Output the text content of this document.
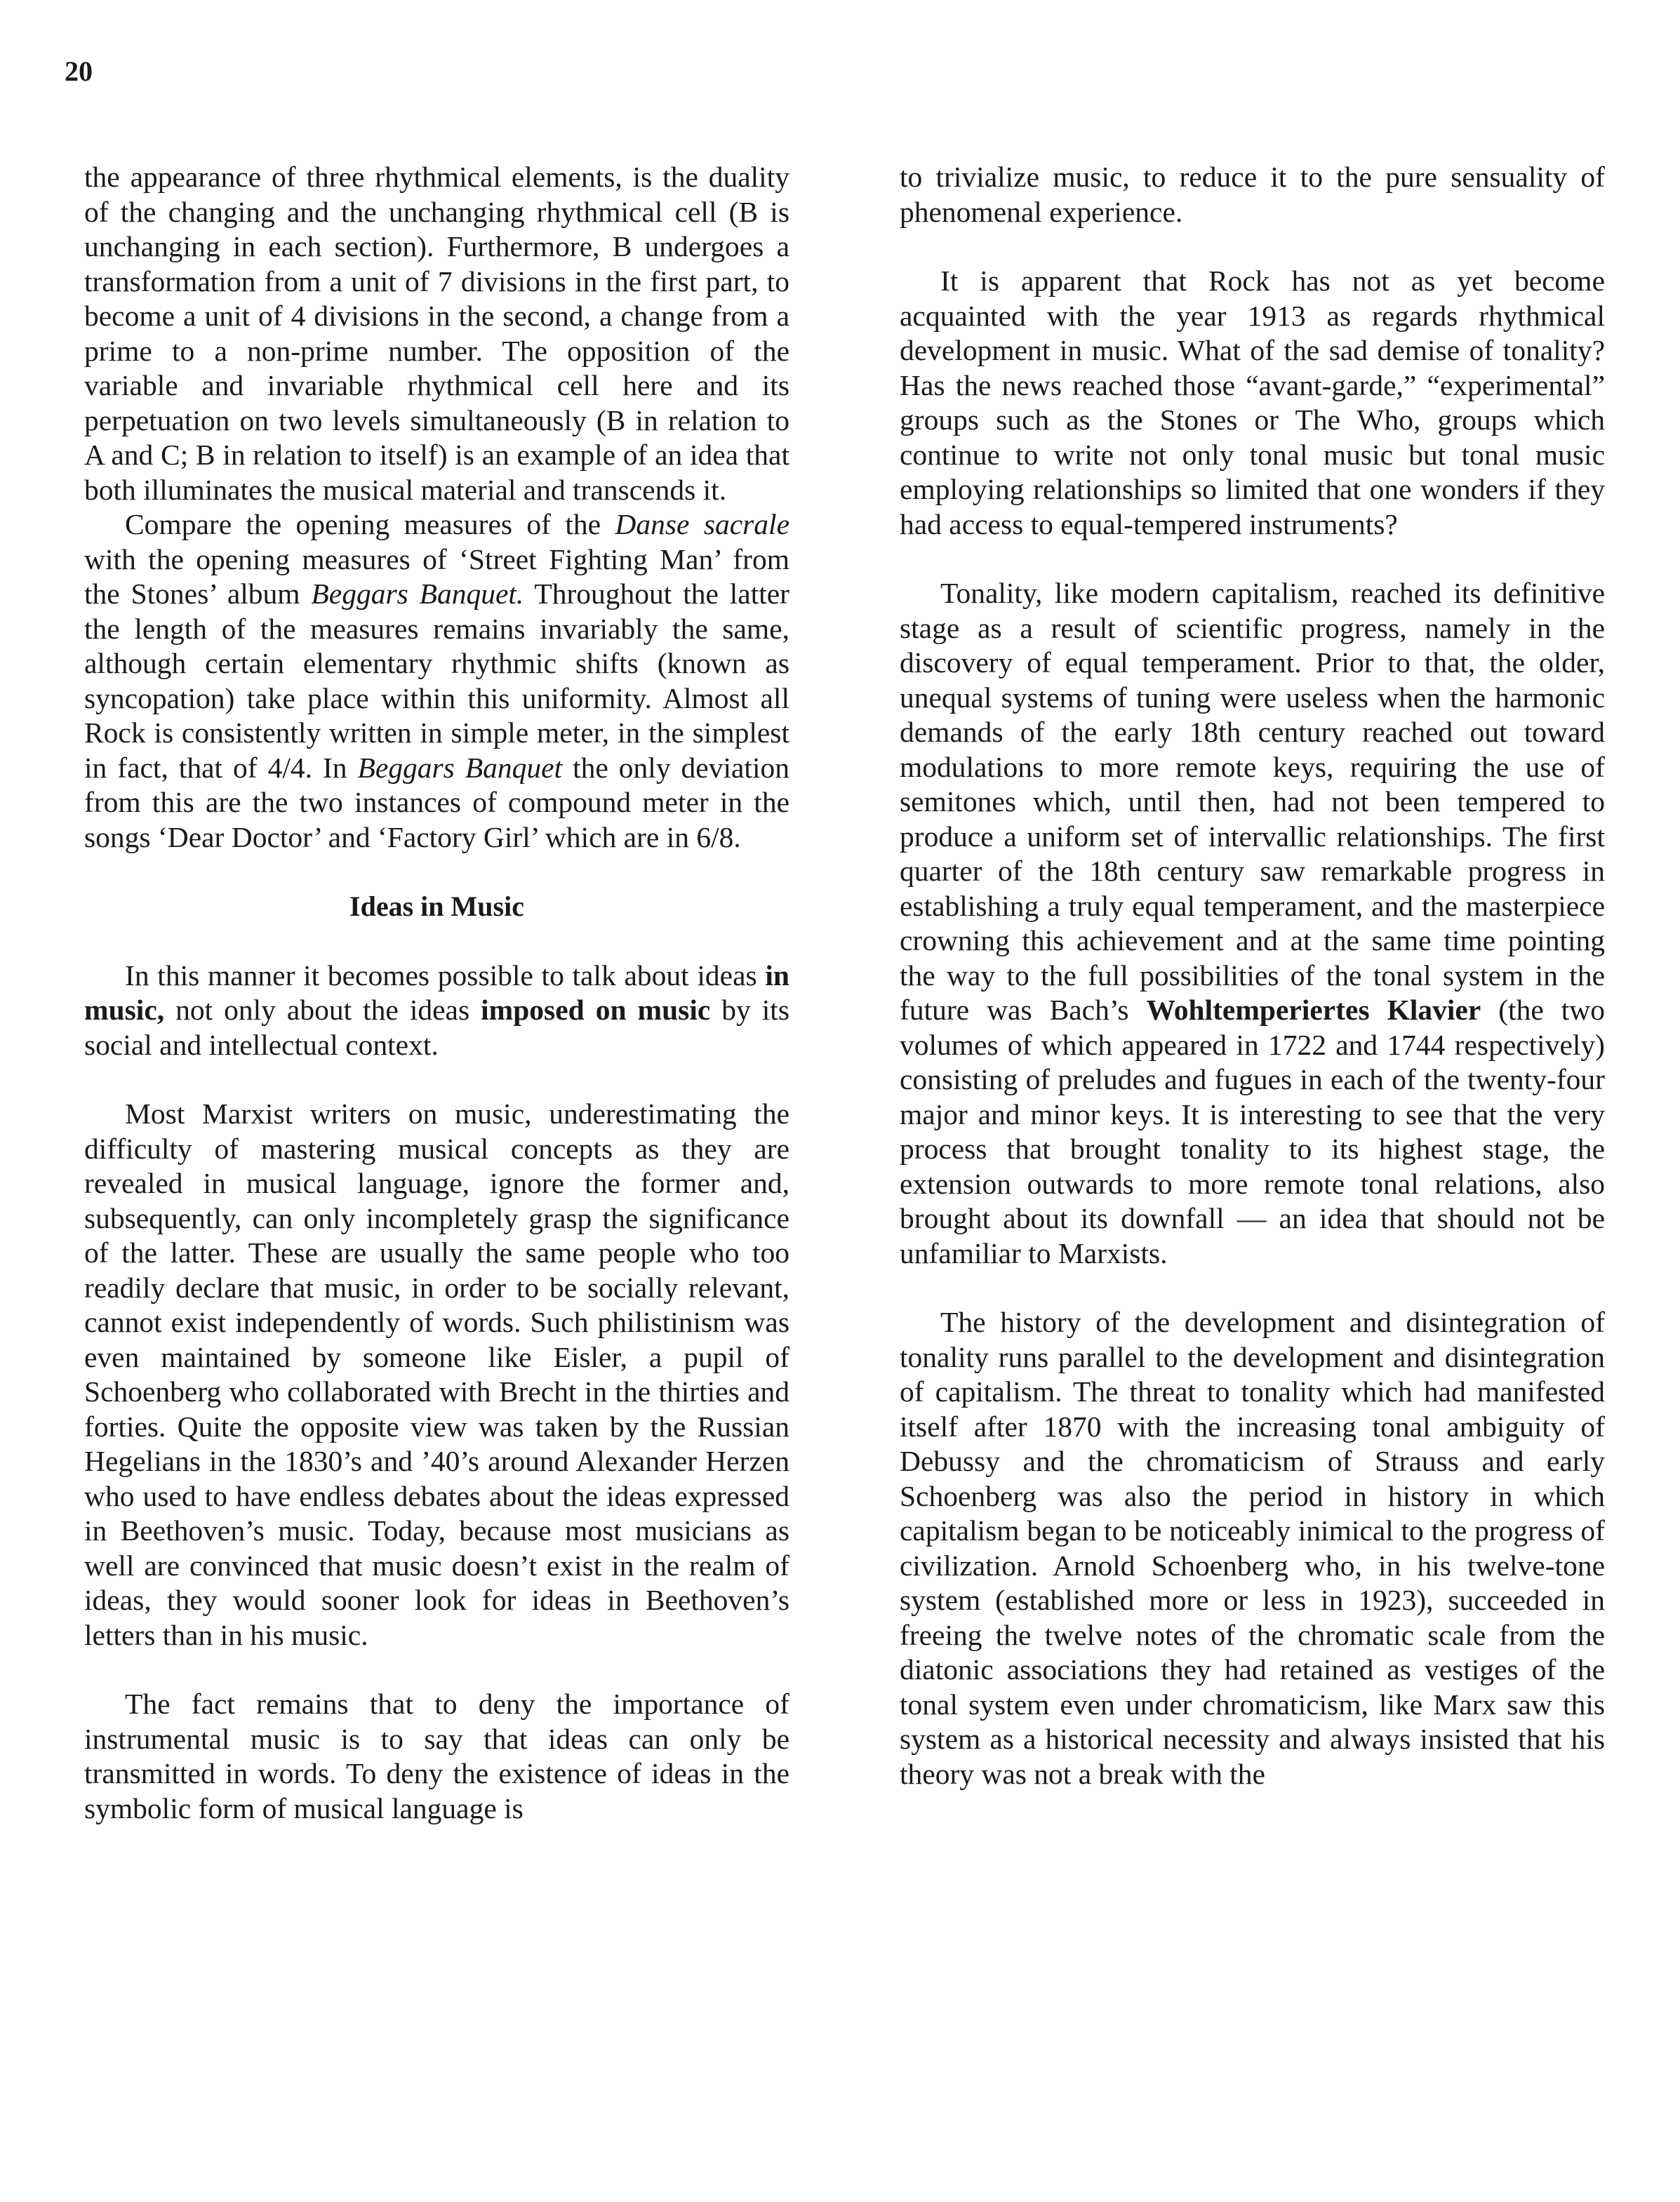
20

the appearance of three rhythmical elements, is the duality of the changing and the unchanging rhythmical cell (B is unchanging in each section). Furthermore, B undergoes a transformation from a unit of 7 divisions in the first part, to become a unit of 4 divisions in the second, a change from a prime to a non-prime number. The opposition of the variable and invariable rhythmical cell here and its perpetuation on two levels simultaneously (B in relation to A and C; B in relation to itself) is an example of an idea that both illuminates the musical material and transcends it.

Compare the opening measures of the Danse sacrale with the opening measures of ‘Street Fighting Man’ from the Stones’ album Beggars Banquet. Throughout the latter the length of the measures remains invariably the same, although certain elementary rhythmic shifts (known as syncopation) take place within this uniformity. Almost all Rock is consistently written in simple meter, in the simplest in fact, that of 4/4. In Beggars Banquet the only deviation from this are the two instances of compound meter in the songs ‘Dear Doctor’ and ‘Factory Girl’ which are in 6/8.

Ideas in Music

In this manner it becomes possible to talk about ideas in music, not only about the ideas imposed on music by its social and intellectual context.

Most Marxist writers on music, underestimating the difficulty of mastering musical concepts as they are revealed in musical language, ignore the former and, subsequently, can only incompletely grasp the significance of the latter. These are usually the same people who too readily declare that music, in order to be socially relevant, cannot exist independently of words. Such philistinism was even maintained by someone like Eisler, a pupil of Schoenberg who collaborated with Brecht in the thirties and forties. Quite the opposite view was taken by the Russian Hegelians in the 1830’s and ’40’s around Alexander Herzen who used to have endless debates about the ideas expressed in Beethoven’s music. Today, because most musicians as well are convinced that music doesn’t exist in the realm of ideas, they would sooner look for ideas in Beethoven’s letters than in his music.

The fact remains that to deny the importance of instrumental music is to say that ideas can only be transmitted in words. To deny the existence of ideas in the symbolic form of musical language is

to trivialize music, to reduce it to the pure sensuality of phenomenal experience.

It is apparent that Rock has not as yet become acquainted with the year 1913 as regards rhythmical development in music. What of the sad demise of tonality? Has the news reached those “avant-garde,” “experimental” groups such as the Stones or The Who, groups which continue to write not only tonal music but tonal music employing relationships so limited that one wonders if they had access to equal-tempered instruments?

Tonality, like modern capitalism, reached its definitive stage as a result of scientific progress, namely in the discovery of equal temperament. Prior to that, the older, unequal systems of tuning were useless when the harmonic demands of the early 18th century reached out toward modulations to more remote keys, requiring the use of semitones which, until then, had not been tempered to produce a uniform set of intervallic relationships. The first quarter of the 18th century saw remarkable progress in establishing a truly equal temperament, and the masterpiece crowning this achievement and at the same time pointing the way to the full possibilities of the tonal system in the future was Bach’s Wohltemperiertes Klavier (the two volumes of which appeared in 1722 and 1744 respectively) consisting of preludes and fugues in each of the twenty-four major and minor keys. It is interesting to see that the very process that brought tonality to its highest stage, the extension outwards to more remote tonal relations, also brought about its downfall — an idea that should not be unfamiliar to Marxists.

The history of the development and disintegration of tonality runs parallel to the development and disintegration of capitalism. The threat to tonality which had manifested itself after 1870 with the increasing tonal ambiguity of Debussy and the chromaticism of Strauss and early Schoenberg was also the period in history in which capitalism began to be noticeably inimical to the progress of civilization. Arnold Schoenberg who, in his twelve-tone system (established more or less in 1923), succeeded in freeing the twelve notes of the chromatic scale from the diatonic associations they had retained as vestiges of the tonal system even under chromaticism, like Marx saw this system as a historical necessity and always insisted that his theory was not a break with the
